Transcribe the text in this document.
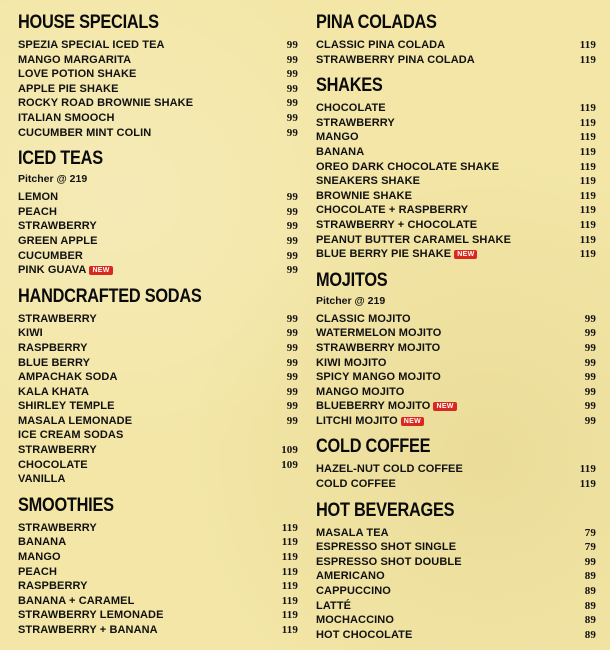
HOUSE SPECIALS
SPEZIA SPECIAL ICED TEA	99
MANGO MARGARITA	99
LOVE POTION SHAKE	99
APPLE PIE SHAKE	99
ROCKY ROAD BROWNIE SHAKE	99
ITALIAN SMOOCH	99
CUCUMBER MINT COLIN	99
ICED TEAS
Pitcher @ 219
LEMON	99
PEACH	99
STRAWBERRY	99
GREEN APPLE	99
CUCUMBER	99
PINK GUAVA NEW	99
HANDCRAFTED SODAS
STRAWBERRY	99
KIWI	99
RASPBERRY	99
BLUE BERRY	99
AMPACHAK SODA	99
KALA KHATA	99
SHIRLEY TEMPLE	99
MASALA LEMONADE	99
ICE CREAM SODAS
STRAWBERRY	109
CHOCOLATE	109
VANILLA
SMOOTHIES
STRAWBERRY	119
BANANA	119
MANGO	119
PEACH	119
RASPBERRY	119
BANANA + CARAMEL	119
STRAWBERRY LEMONADE	119
STRAWBERRY + BANANA	119
PINA COLADAS
CLASSIC PINA COLADA	119
STRAWBERRY PINA COLADA	119
SHAKES
CHOCOLATE	119
STRAWBERRY	119
MANGO	119
BANANA	119
OREO DARK CHOCOLATE SHAKE	119
SNEAKERS SHAKE	119
BROWNIE SHAKE	119
CHOCOLATE + RASPBERRY	119
STRAWBERRY + CHOCOLATE	119
PEANUT BUTTER CARAMEL SHAKE	119
BLUE BERRY PIE SHAKE NEW	119
MOJITOS
Pitcher @ 219
CLASSIC MOJITO	99
WATERMELON MOJITO	99
STRAWBERRY MOJITO	99
KIWI MOJITO	99
SPICY MANGO MOJITO	99
MANGO MOJITO	99
BLUEBERRY MOJITO NEW	99
LITCHI MOJITO NEW	99
COLD COFFEE
HAZEL-NUT COLD COFFEE	119
COLD COFFEE	119
HOT BEVERAGES
MASALA TEA	79
ESPRESSO SHOT SINGLE	79
ESPRESSO SHOT DOUBLE	99
AMERICANO	89
CAPPUCCINO	89
LATTÉ	89
MOCHACCINO	89
HOT CHOCOLATE	89
